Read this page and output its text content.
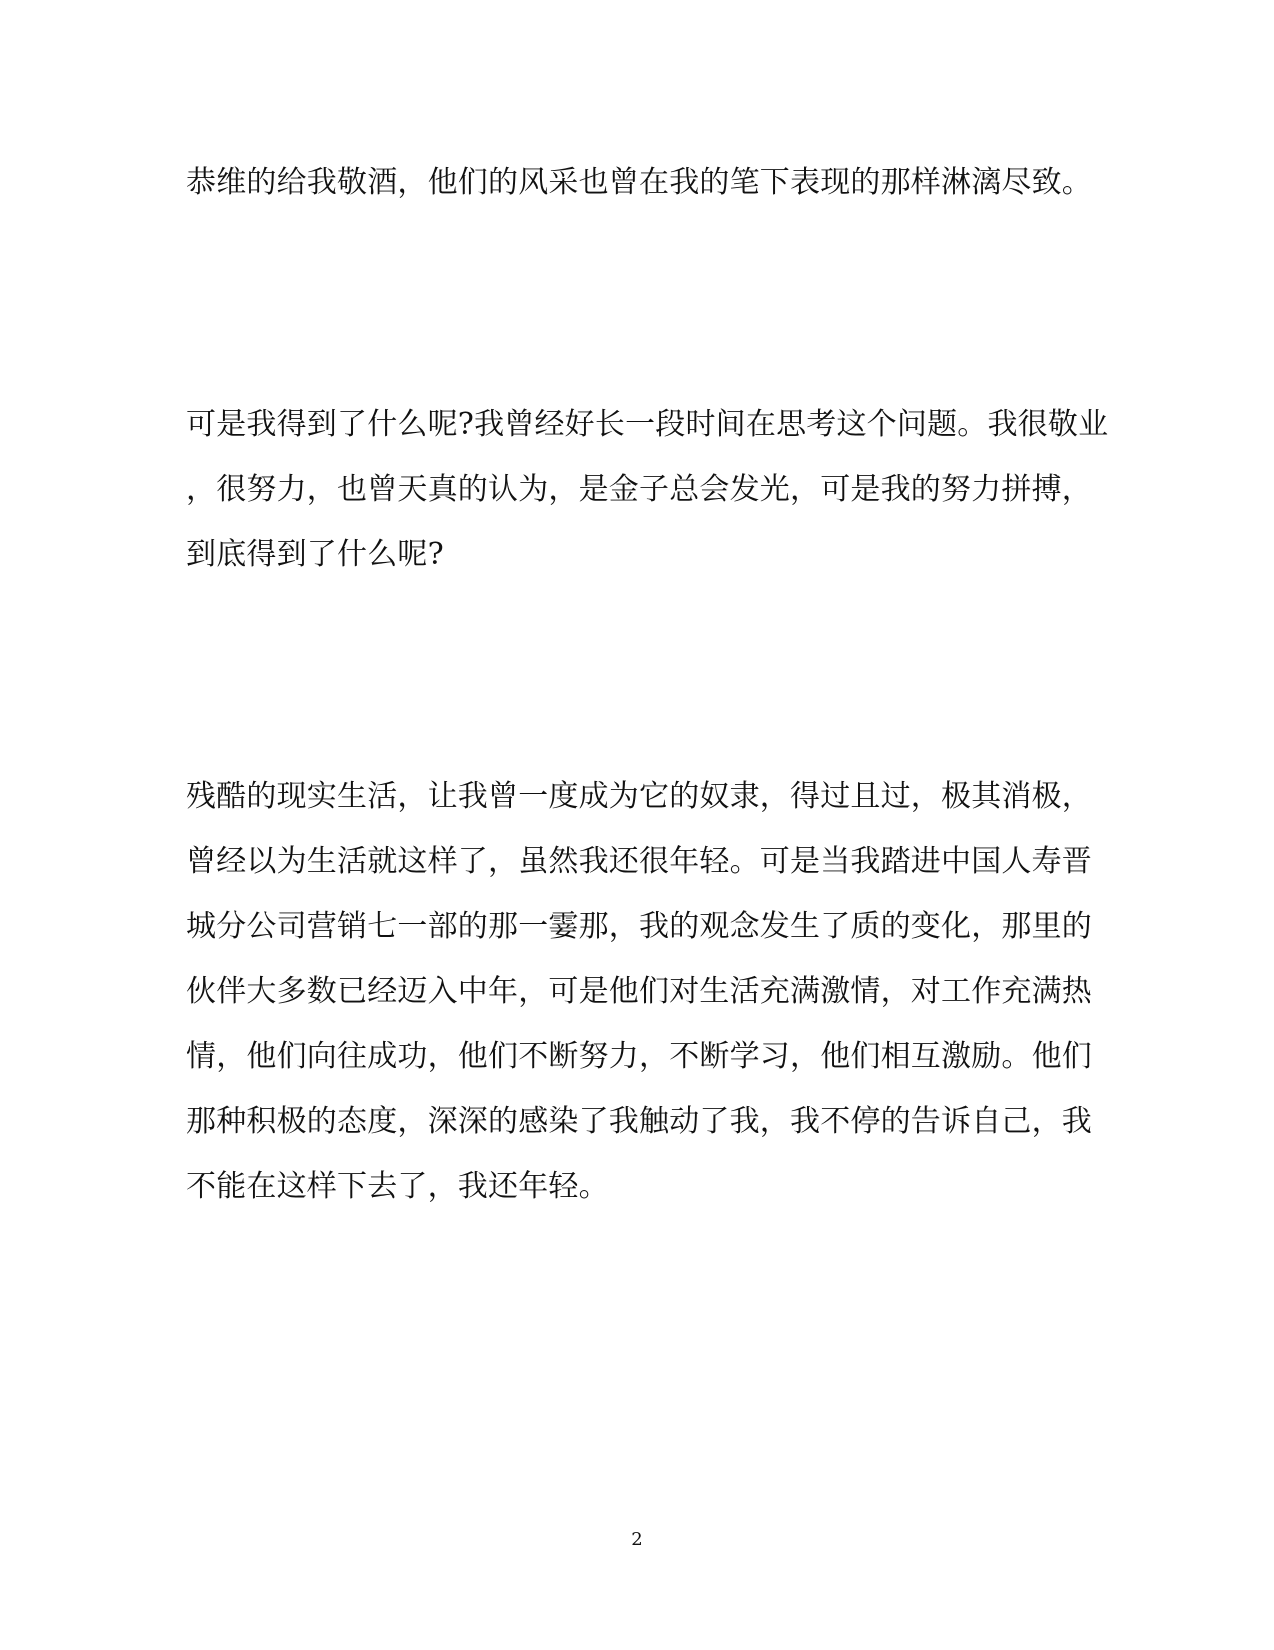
恭维的给我敬酒，他们的风采也曾在我的笔下表现的那样淋漓尽致。
可是我得到了什么呢?我曾经好长一段时间在思考这个问题。我很敬业
，很努力，也曾天真的认为，是金子总会发光，可是我的努力拼搏，
到底得到了什么呢?
残酷的现实生活，让我曾一度成为它的奴隶，得过且过，极其消极，
曾经以为生活就这样了，虽然我还很年轻。可是当我踏进中国人寿晋
城分公司营销七一部的那一霎那，我的观念发生了质的变化，那里的
伙伴大多数已经迈入中年，可是他们对生活充满激情，对工作充满热
情，他们向往成功，他们不断努力，不断学习，他们相互激励。他们
那种积极的态度，深深的感染了我触动了我，我不停的告诉自己，我
不能在这样下去了，我还年轻。
2
